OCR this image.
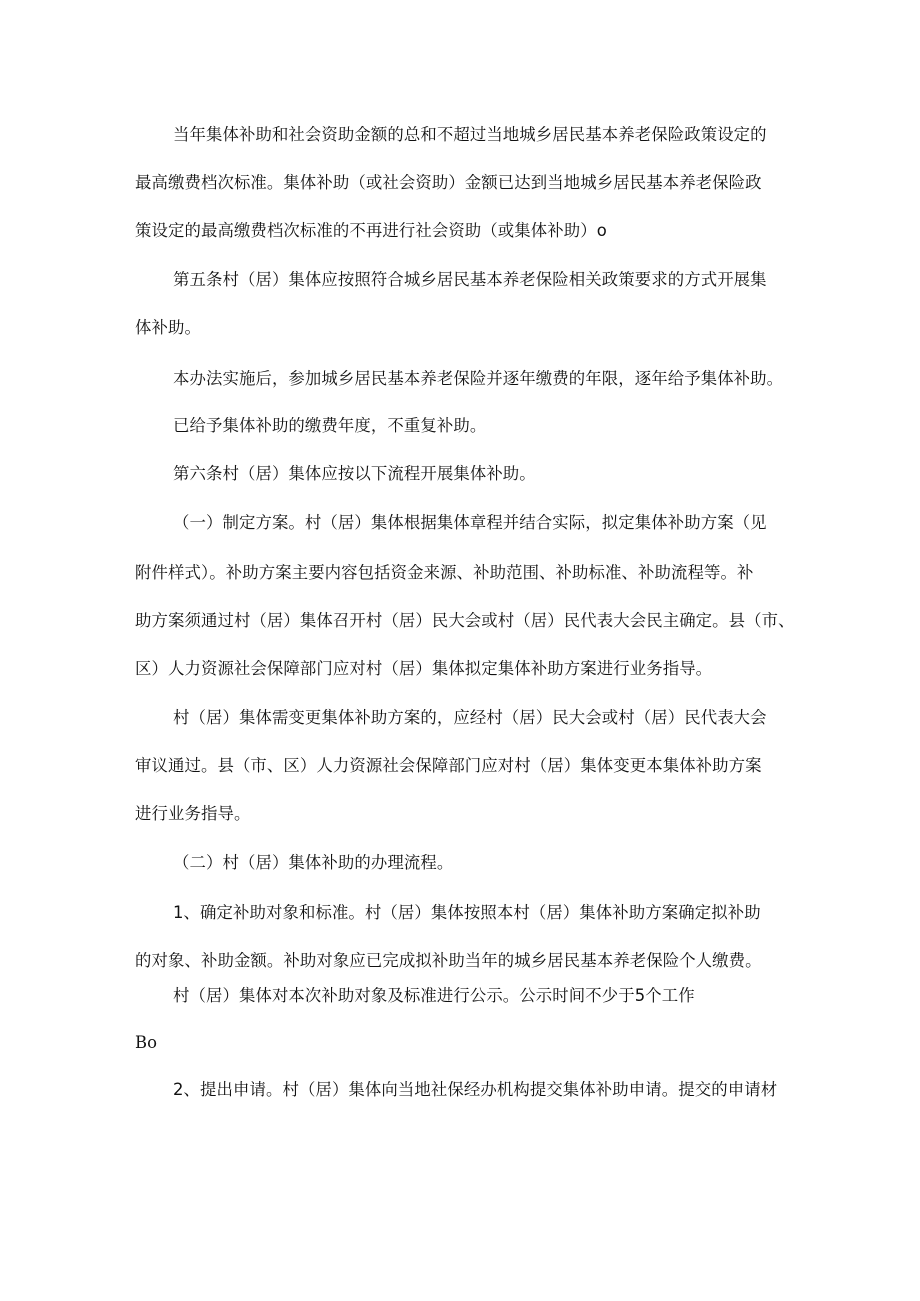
当年集体补助和社会资助金额的总和不超过当地城乡居民基本养老保险政策设定的
最高缴费档次标准。集体补助（或社会资助）金额已达到当地城乡居民基本养老保险政
策设定的最高缴费档次标准的不再进行社会资助（或集体补助）o
第五条村（居）集体应按照符合城乡居民基本养老保险相关政策要求的方式开展集
体补助。
本办法实施后，参加城乡居民基本养老保险并逐年缴费的年限，逐年给予集体补助。
已给予集体补助的缴费年度，不重复补助。
第六条村（居）集体应按以下流程开展集体补助。
（一）制定方案。村（居）集体根据集体章程并结合实际，拟定集体补助方案（见
附件样式）。补助方案主要内容包括资金来源、补助范围、补助标准、补助流程等。补
助方案须通过村（居）集体召开村（居）民大会或村（居）民代表大会民主确定。县（市、
区）人力资源社会保障部门应对村（居）集体拟定集体补助方案进行业务指导。
村（居）集体需变更集体补助方案的，应经村（居）民大会或村（居）民代表大会
审议通过。县（市、区）人力资源社会保障部门应对村（居）集体变更本集体补助方案
进行业务指导。
（二）村（居）集体补助的办理流程。
1、确定补助对象和标准。村（居）集体按照本村（居）集体补助方案确定拟补助
的对象、补助金额。补助对象应已完成拟补助当年的城乡居民基本养老保险个人缴费。
村（居）集体对本次补助对象及标准进行公示。公示时间不少于5个工作
Bo
2、提出申请。村（居）集体向当地社保经办机构提交集体补助申请。提交的申请材
